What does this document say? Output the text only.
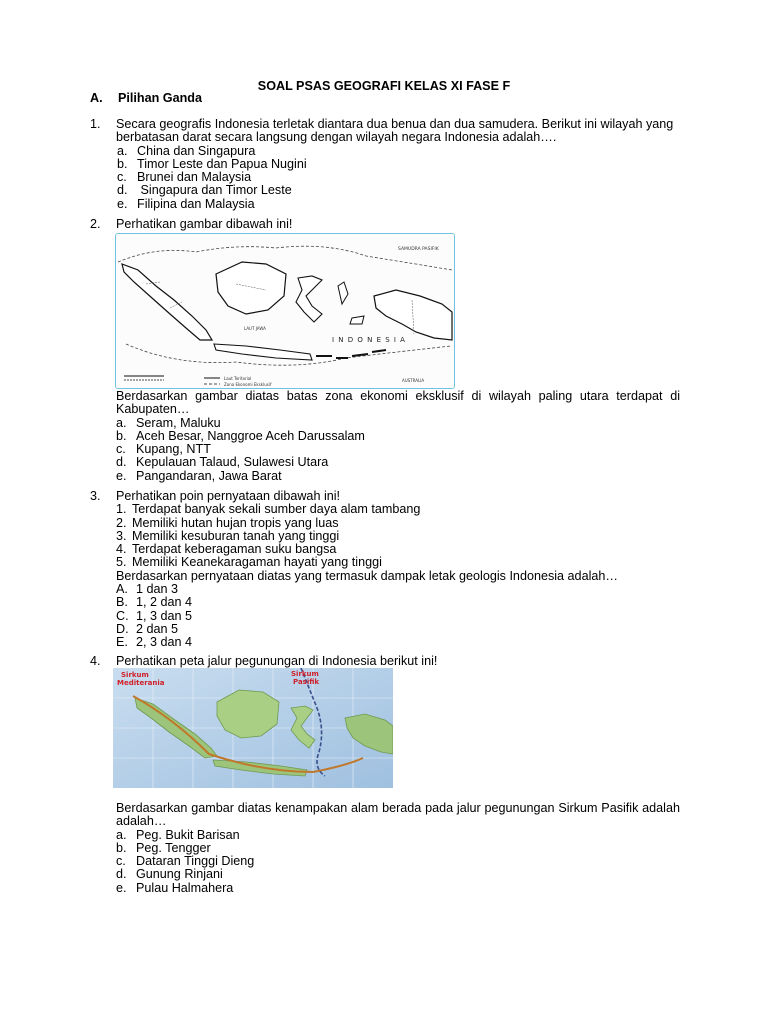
SOAL PSAS GEOGRAFI KELAS XI FASE F
A. Pilihan Ganda
1. Secara geografis Indonesia terletak diantara dua benua dan dua samudera. Berikut ini wilayah yang berbatasan darat secara langsung dengan wilayah negara Indonesia adalah….
a. China dan Singapura
b. Timor Leste dan Papua Nugini
c. Brunei dan Malaysia
d. Singapura dan Timor Leste
e. Filipina dan Malaysia
2. Perhatikan gambar dibawah ini!
I N D O N E S I A
SAMUDRA PASIFIK
LAUT JAWA
AUSTRALIA
Laut Teritorial
Zona Ekonomi Eksklusif
Berdasarkan gambar diatas batas zona ekonomi eksklusif di wilayah paling utara terdapat di Kabupaten…
a. Seram, Maluku
b. Aceh Besar, Nanggroe Aceh Darussalam
c. Kupang, NTT
d. Kepulauan Talaud, Sulawesi Utara
e. Pangandaran, Jawa Barat
3. Perhatikan poin pernyataan dibawah ini!
1. Terdapat banyak sekali sumber daya alam tambang
2. Memiliki hutan hujan tropis yang luas
3. Memiliki kesuburan tanah yang tinggi
4. Terdapat keberagaman suku bangsa
5. Memiliki Keanekaragaman hayati yang tinggi
Berdasarkan pernyataan diatas yang termasuk dampak letak geologis Indonesia adalah…
A. 1 dan 3
B. 1, 2 dan 4
C. 1, 3 dan 5
D. 2 dan 5
E. 2, 3 dan 4
4. Perhatikan peta jalur pegunungan di Indonesia berikut ini!
Sirkum
Mediterania
Sirkum
Pasifik
Berdasarkan gambar diatas kenampakan alam berada pada jalur pegunungan Sirkum Pasifik adalah adalah…
a. Peg. Bukit Barisan
b. Peg. Tengger
c. Dataran Tinggi Dieng
d. Gunung Rinjani
e. Pulau Halmahera
